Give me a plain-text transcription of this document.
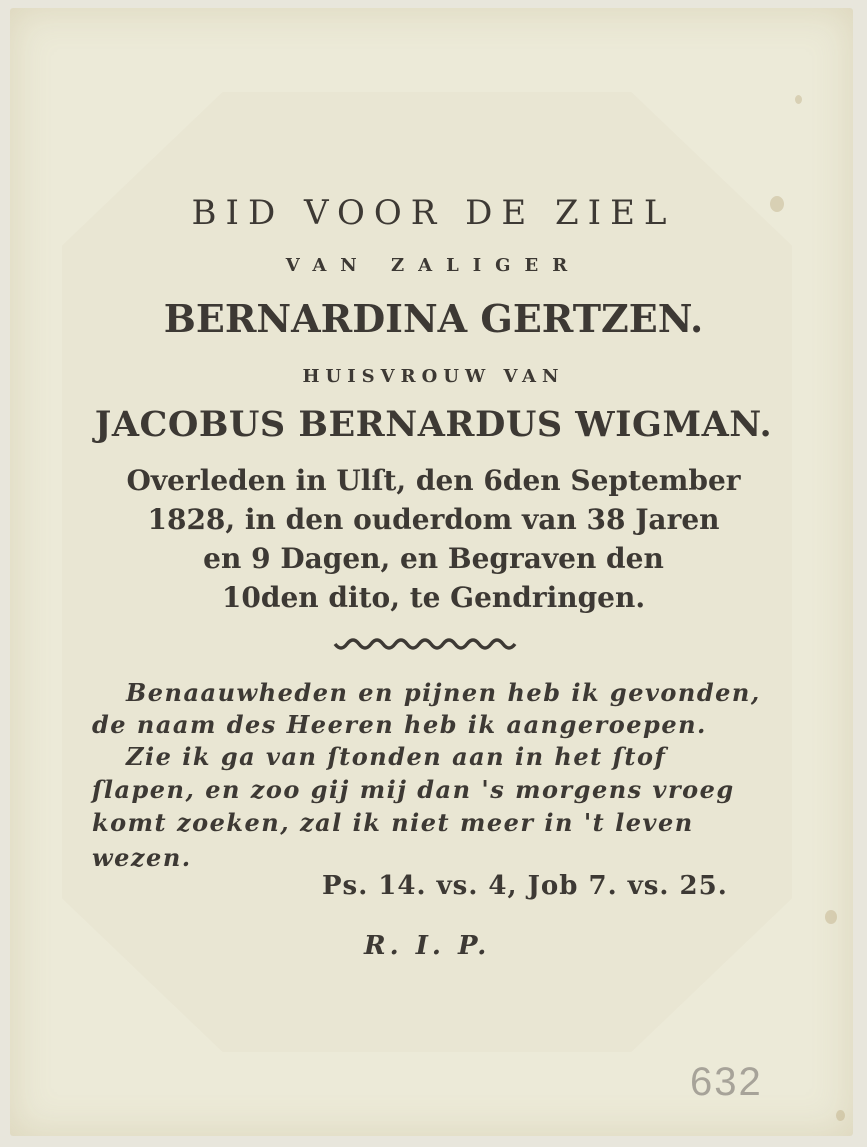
BID VOOR DE ZIEL
VAN ZALIGER
BERNARDINA GERTZEN.
HUISVROUW VAN
JACOBUS BERNARDUS WIGMAN.
Overleden in Ulſt, den 6den September
1828, in den ouderdom van 38 Jaren
en 9 Dagen, en Begraven den
10den dito, te Gendringen.
Benaauwheden en pijnen heb ik gevonden,
de naam des Heeren heb ik aangeroepen.
Zie ik ga van ſtonden aan in het ſtof
ſlapen, en zoo gij mij dan 's morgens vroeg
komt zoeken, zal ik niet meer in 't leven
wezen.
Ps. 14. vs. 4, Job 7. vs. 25.
R. I. P.
632
